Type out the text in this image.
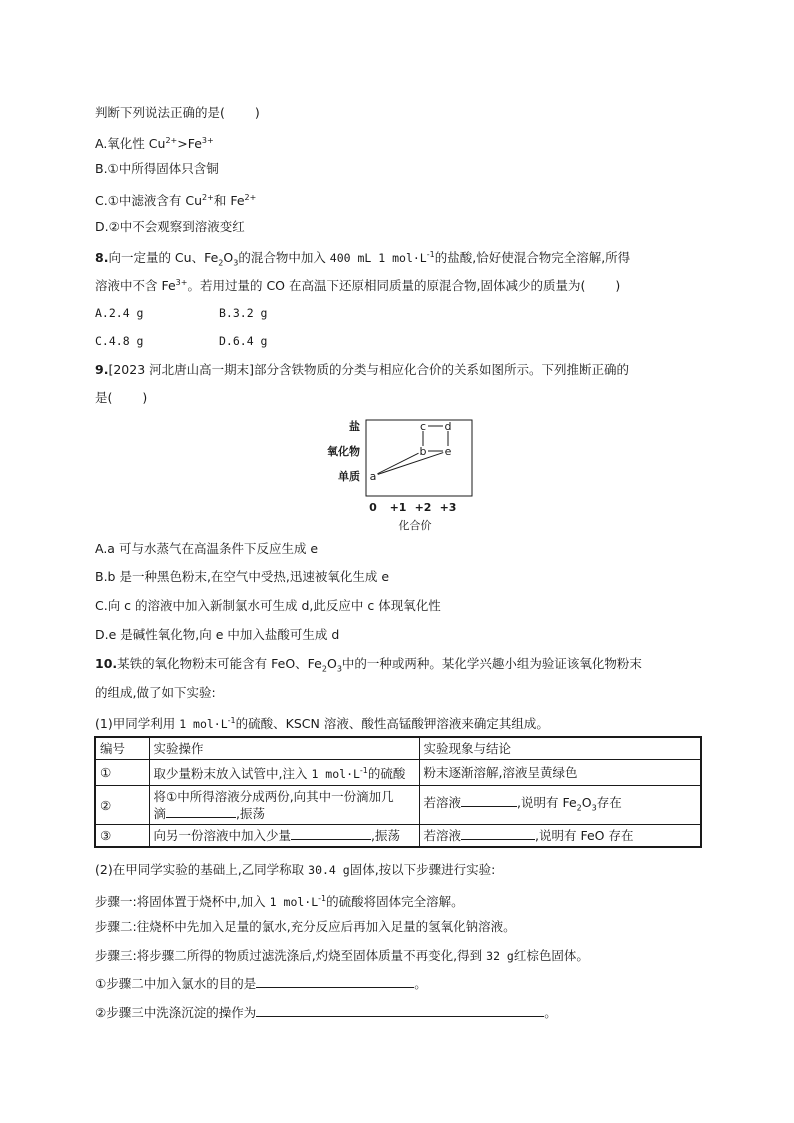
判断下列说法正确的是( )
A.氧化性 $Cu^{2+}>Fe^{3+}$
B.①中所得固体只含铜
C.①中滤液含有 $Cu^{2+}$和 $Fe^{2+}$
D.②中不会观察到溶液变红
8.向一定量的 Cu、$Fe_2O_3$的混合物中加入 400 mL 1 $mol\cdot L^{-1}$的盐酸,恰好使混合物完全溶解,所得
溶液中不含 $Fe^{3+}$。若用过量的 CO 在高温下还原相同质量的原混合物,固体减少的质量为( )
A.2.4 g	B.3.2 g
C.4.8 g	D.6.4 g
9.[2023 河北唐山高一期末]部分含铁物质的分类与相应化合价的关系如图所示。下列推断正确的
是( )
单质
氧化物
盐
0 +1 +2 +3
a
b e
c d
化合价
A.a 可与水蒸气在高温条件下反应生成 e
B.b 是一种黑色粉末,在空气中受热,迅速被氧化生成 e
C.向 c 的溶液中加入新制氯水可生成 d,此反应中 c 体现氧化性
D.e 是碱性氧化物,向 e 中加入盐酸可生成 d
10.某铁的氧化物粉末可能含有 FeO、$Fe_2O_3$中的一种或两种。某化学兴趣小组为验证该氧化物粉末
的组成,做了如下实验:
(1)甲同学利用 1 $mol\cdot L^{-1}$的硫酸、KSCN 溶液、酸性高锰酸钾溶液来确定其组成。
编号	实验操作	实验现象与结论
①	取少量粉末放入试管中,注入 1 $mol\cdot L^{-1}$的硫酸	粉末逐渐溶解,溶液呈黄绿色
②	将①中所得溶液分成两份,向其中一份滴加几
滴 ,振荡	若溶液 ,说明有 $Fe_2O_3$存在
③	向另一份溶液中加入少量 ,振荡	若溶液 ,说明有 FeO 存在
(2)在甲同学实验的基础上,乙同学称取 30.4 g固体,按以下步骤进行实验:
步骤一:将固体置于烧杯中,加入 1 $mol\cdot L^{-1}$的硫酸将固体完全溶解。
步骤二:往烧杯中先加入足量的氯水,充分反应后再加入足量的氢氧化钠溶液。
步骤三:将步骤二所得的物质过滤洗涤后,灼烧至固体质量不再变化,得到 32 g红棕色固体。
①步骤二中加入氯水的目的是	。
②步骤三中洗涤沉淀的操作为	。
